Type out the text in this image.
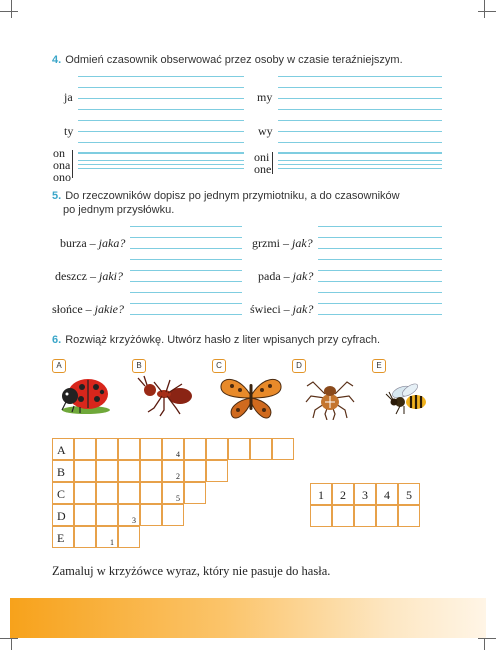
4. Odmień czasownik obserwować przez osoby w czasie teraźniejszym.
ja
ty
on
ona
ono
my
wy
oni
one
5. Do rzeczowników dopisz po jednym przymiotniku, a do czasowników
po jednym przysłówku.
burza – jaka?
deszcz – jaki?
słońce – jakie?
grzmi – jak?
pada – jak?
świeci – jak?
6. Rozwiąż krzyżówkę. Utwórz hasło z liter wpisanych przy cyfrach.
A	B	C	D	E
A	4
B	2
C	5
D	3
E	1
1	2	3	4	5
Zamaluj w krzyżówce wyraz, który nie pasuje do hasła.
